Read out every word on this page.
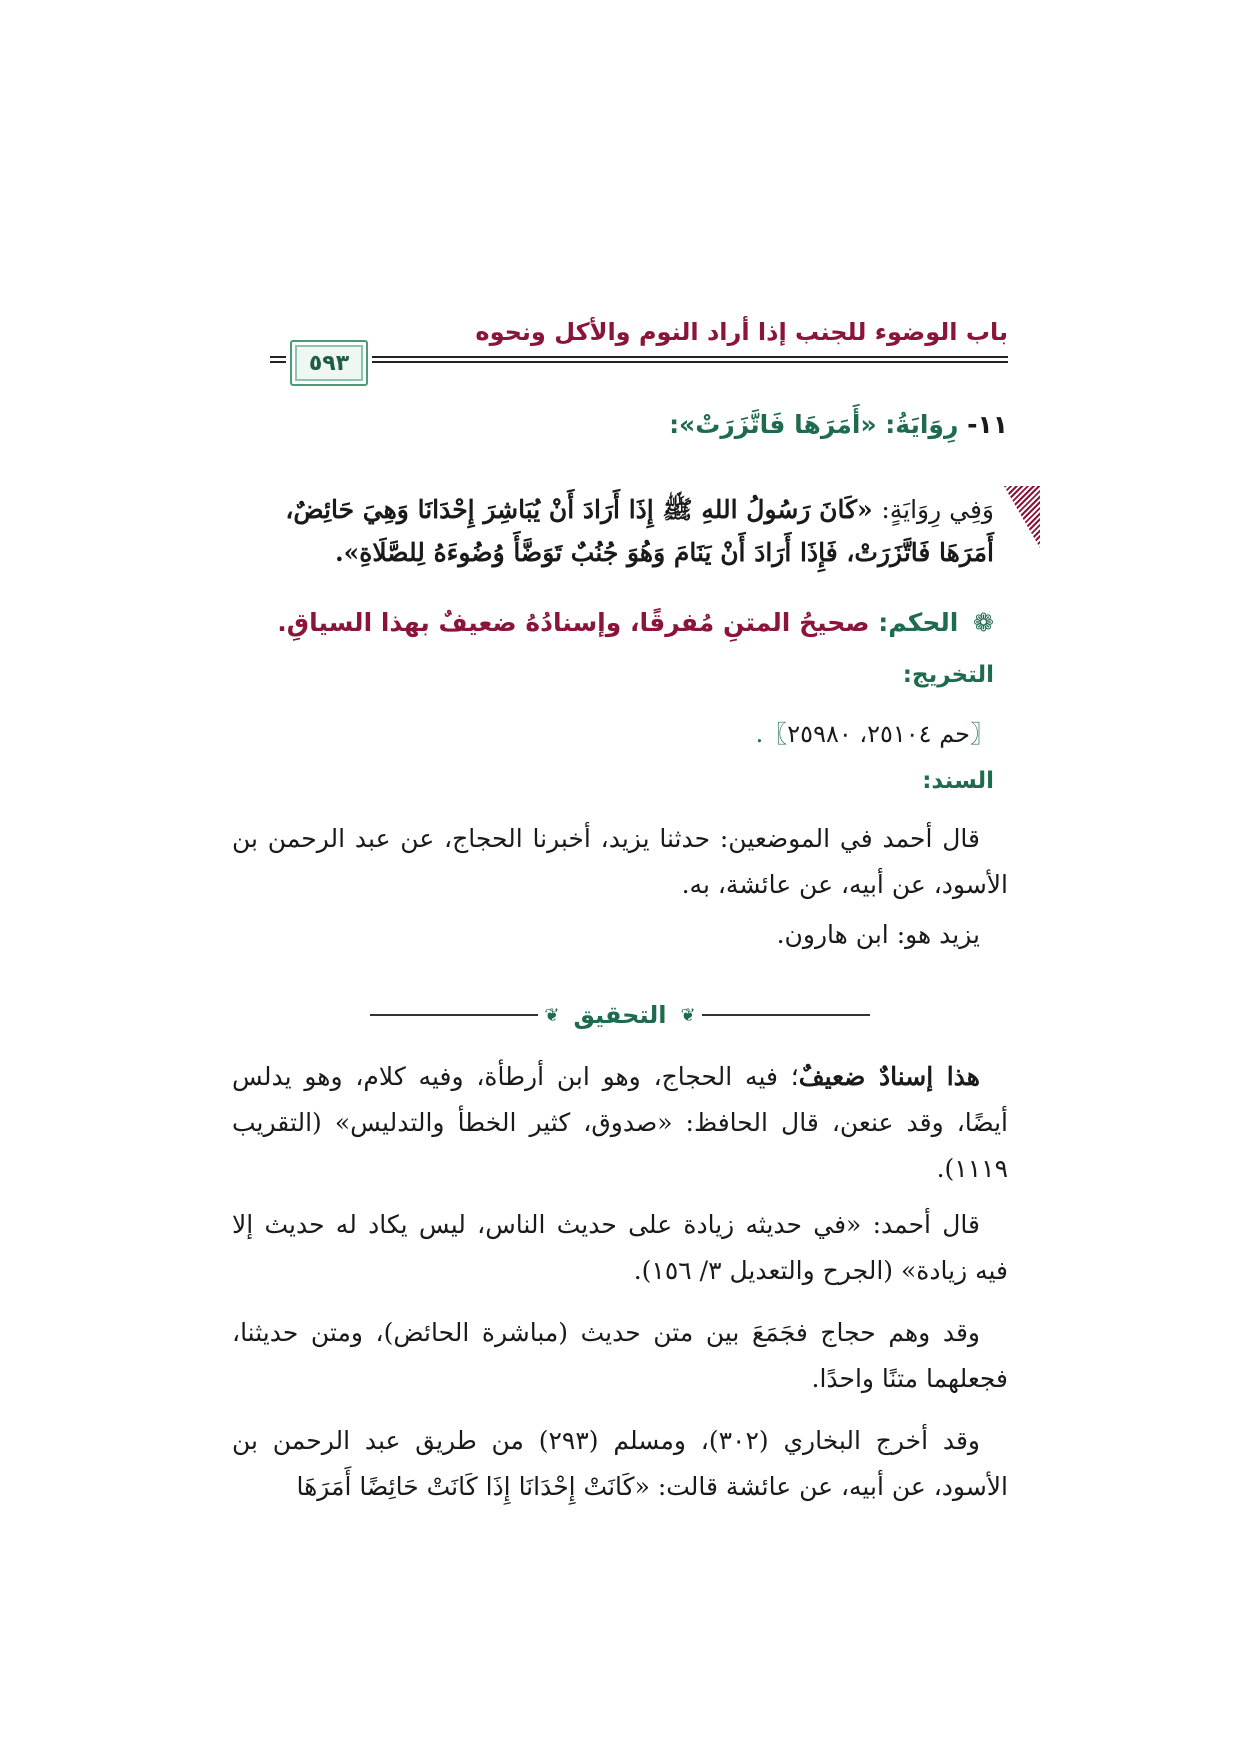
باب الوضوء للجنب إذا أراد النوم والأكل ونحوه
٥٩٣
١١- رِوَايَةُ: «أَمَرَهَا فَاتَّزَرَتْ»:
وَفِي رِوَايَةٍ: «كَانَ رَسُولُ اللهِ ﷺ إِذَا أَرَادَ أَنْ يُبَاشِرَ إِحْدَانَا وَهِيَ حَائِضٌ،
أَمَرَهَا فَاتَّزَرَتْ، فَإِذَا أَرَادَ أَنْ يَنَامَ وَهُوَ جُنُبٌ تَوَضَّأَ وُضُوءَهُ لِلصَّلَاةِ».
❁ الحكم: صحيحُ المتنِ مُفرقًا، وإسنادُهُ ضعيفٌ بهذا السياقِ.
التخريج:
〖حم ٢٥١٠٤، ٢٥٩٨٠〗.
السند:
قال أحمد في الموضعين: حدثنا يزيد، أخبرنا الحجاج، عن عبد الرحمن بن الأسود، عن أبيه، عن عائشة، به.
يزيد هو: ابن هارون.
❦
التحقيق
❦
هذا إسنادٌ ضعيفٌ؛ فيه الحجاج، وهو ابن أرطأة، وفيه كلام، وهو يدلس أيضًا، وقد عنعن، قال الحافظ: «صدوق، كثير الخطأ والتدليس» (التقريب ١١١٩).
قال أحمد: «في حديثه زيادة على حديث الناس، ليس يكاد له حديث إلا فيه زيادة» (الجرح والتعديل ٣/ ١٥٦).
وقد وهم حجاج فجَمَعَ بين متن حديث (مباشرة الحائض)، ومتن حديثنا، فجعلهما متنًا واحدًا.
وقد أخرج البخاري (٣٠٢)، ومسلم (٢٩٣) من طريق عبد الرحمن بن الأسود، عن أبيه، عن عائشة قالت: «كَانَتْ إِحْدَانَا إِذَا كَانَتْ حَائِضًا أَمَرَهَا
